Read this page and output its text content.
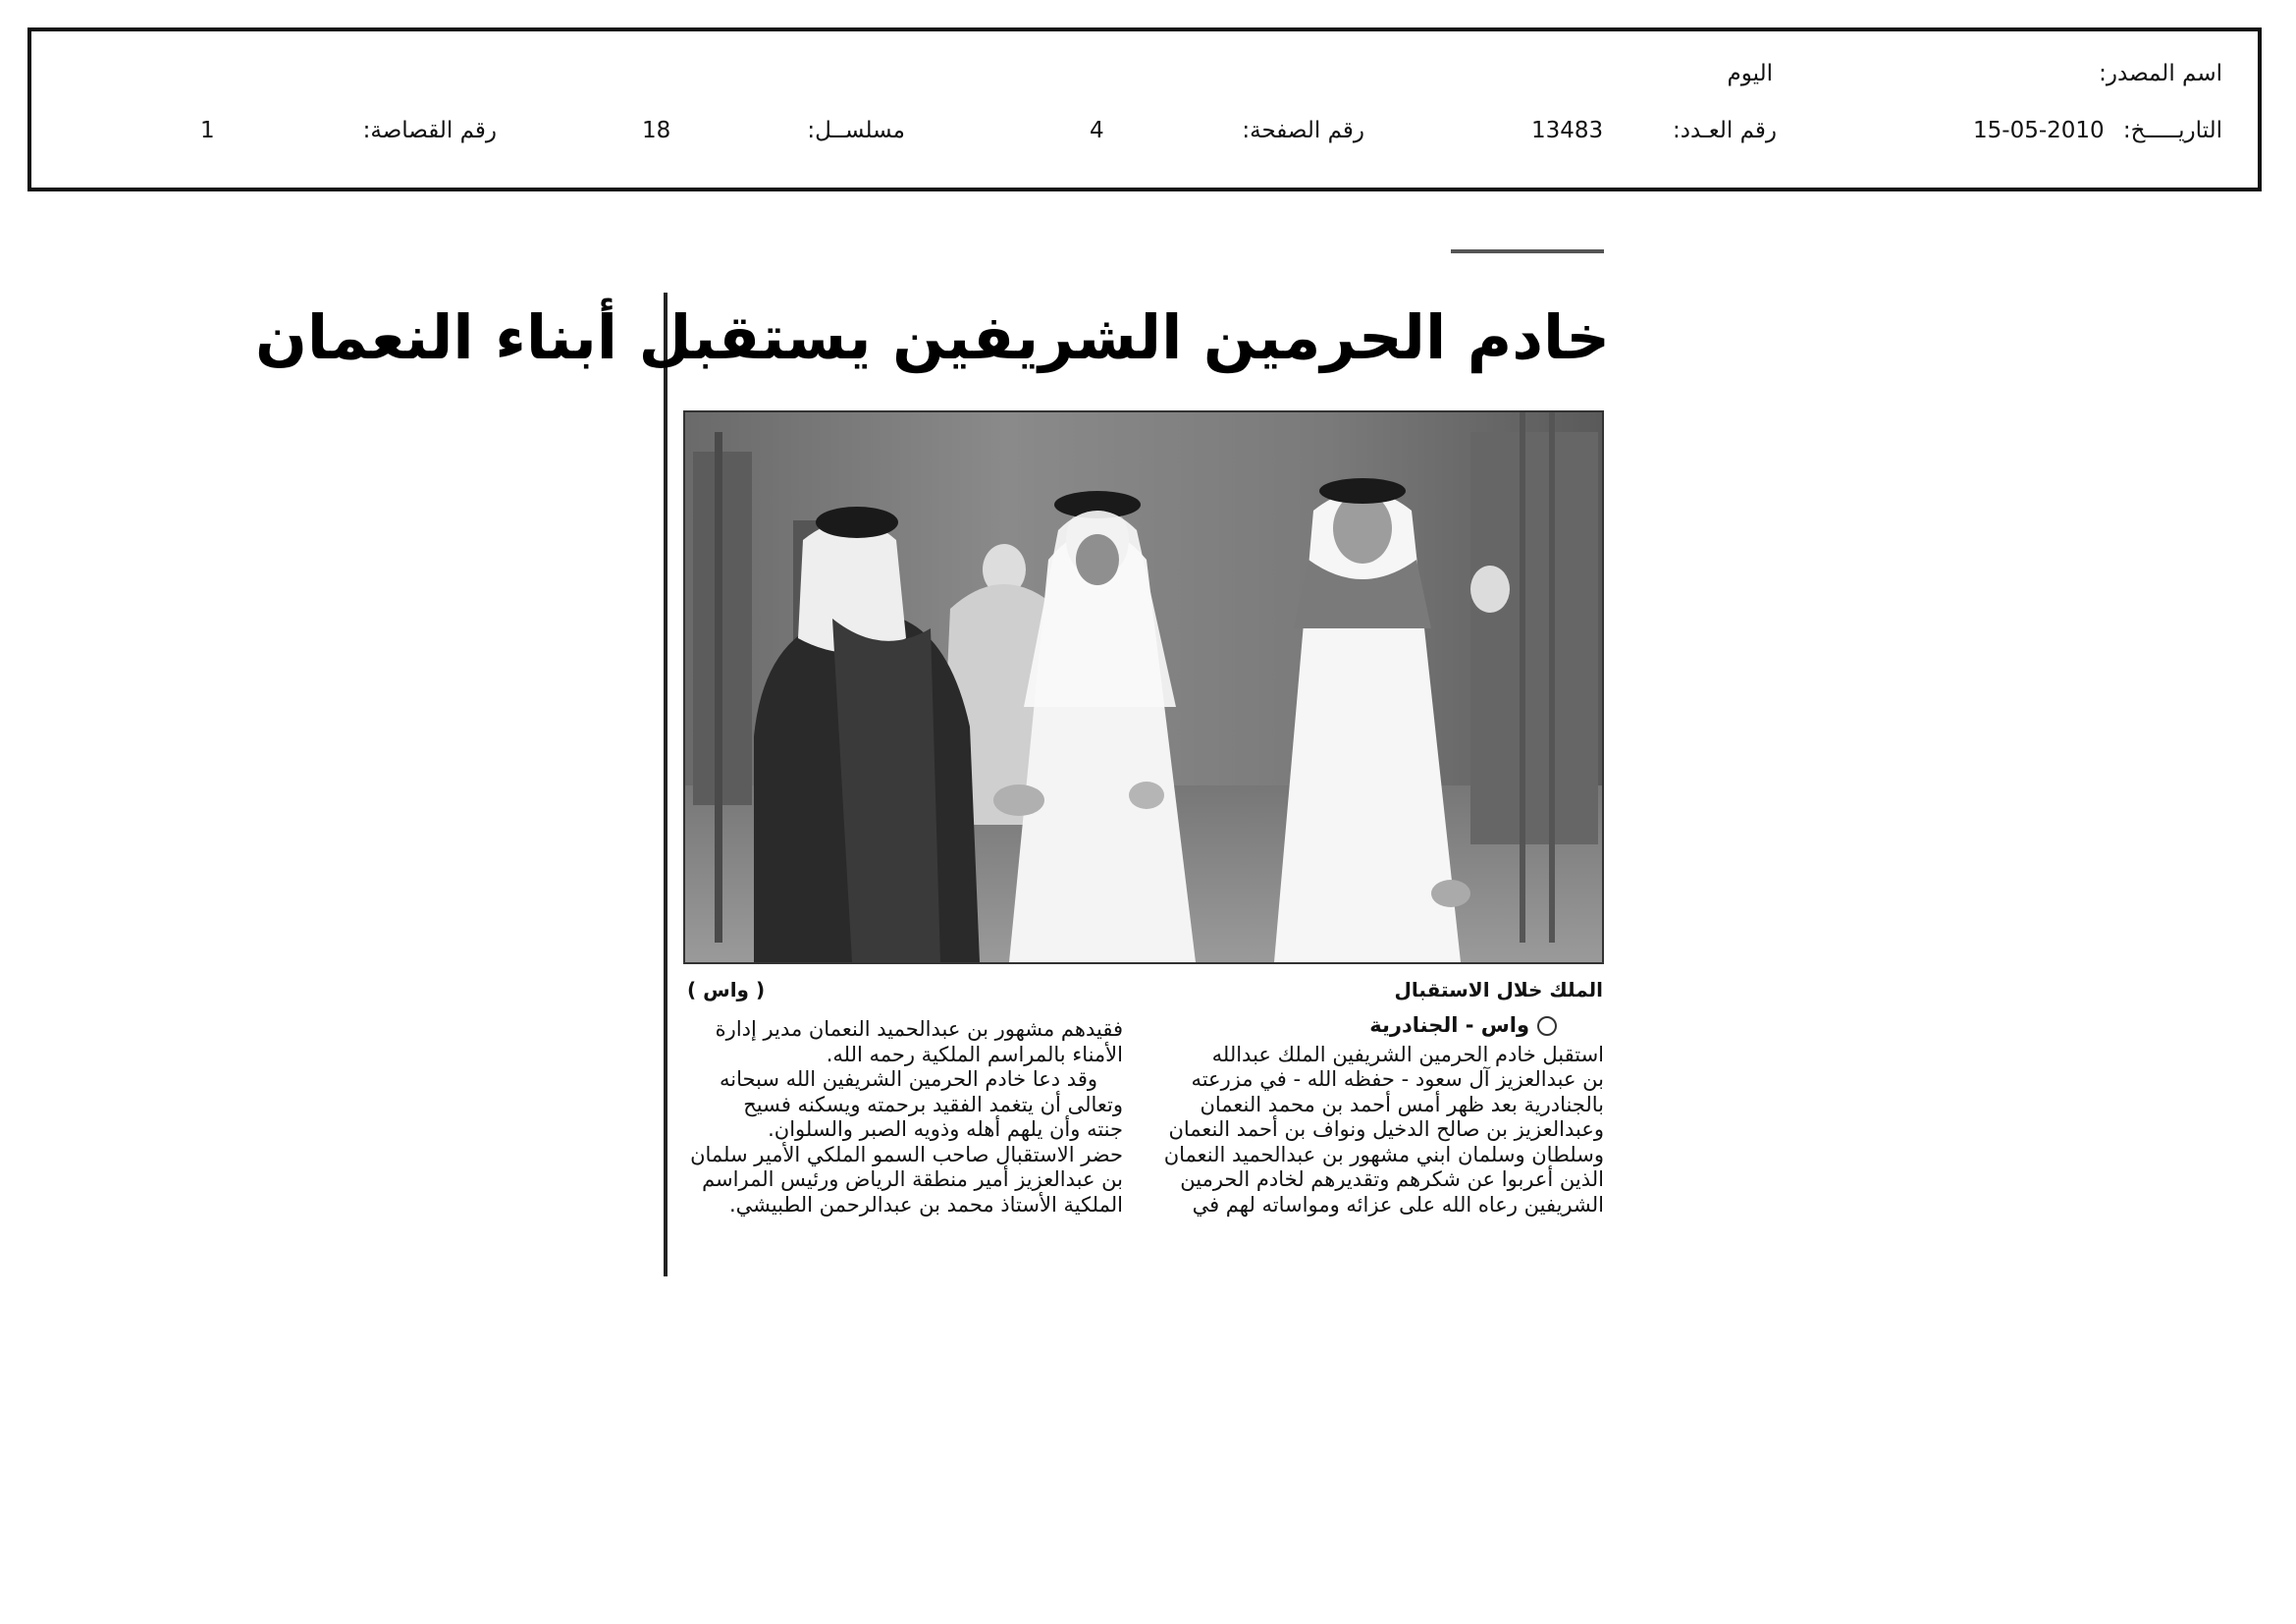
اسم المصدر:
اليوم
التاريـــــخ:
15-05-2010
رقم العـدد:
13483
رقم الصفحة:
4
مسلســل:
18
رقم القصاصة:
1
خادم الحرمين الشريفين يستقبل أبناء النعمان
الملك خلال الاستقبال
( واس )

واس - الجنادرية

استقبل خادم الحرمين الشريفين الملك عبدالله

بن عبدالعزيز آل سعود - حفظه الله - في مزرعته

بالجنادرية بعد ظهر أمس أحمد بن محمد النعمان

وعبدالعزيز بن صالح الدخيل ونواف بن أحمد النعمان

وسلطان وسلمان ابني مشهور بن عبدالحميد النعمان

الذين أعربوا عن شكرهم وتقديرهم لخادم الحرمين

الشريفين رعاه الله على عزائه ومواساته لهم في

فقيدهم مشهور بن عبدالحميد النعمان مدير إدارة

الأمناء بالمراسم الملكية رحمه الله.

وقد دعا خادم الحرمين الشريفين الله سبحانه

وتعالى أن يتغمد الفقيد برحمته ويسكنه فسيح

جنته وأن يلهم أهله وذويه الصبر والسلوان.

حضر الاستقبال صاحب السمو الملكي الأمير سلمان

بن عبدالعزيز أمير منطقة الرياض ورئيس المراسم

الملكية الأستاذ محمد بن عبدالرحمن الطبيشي.
